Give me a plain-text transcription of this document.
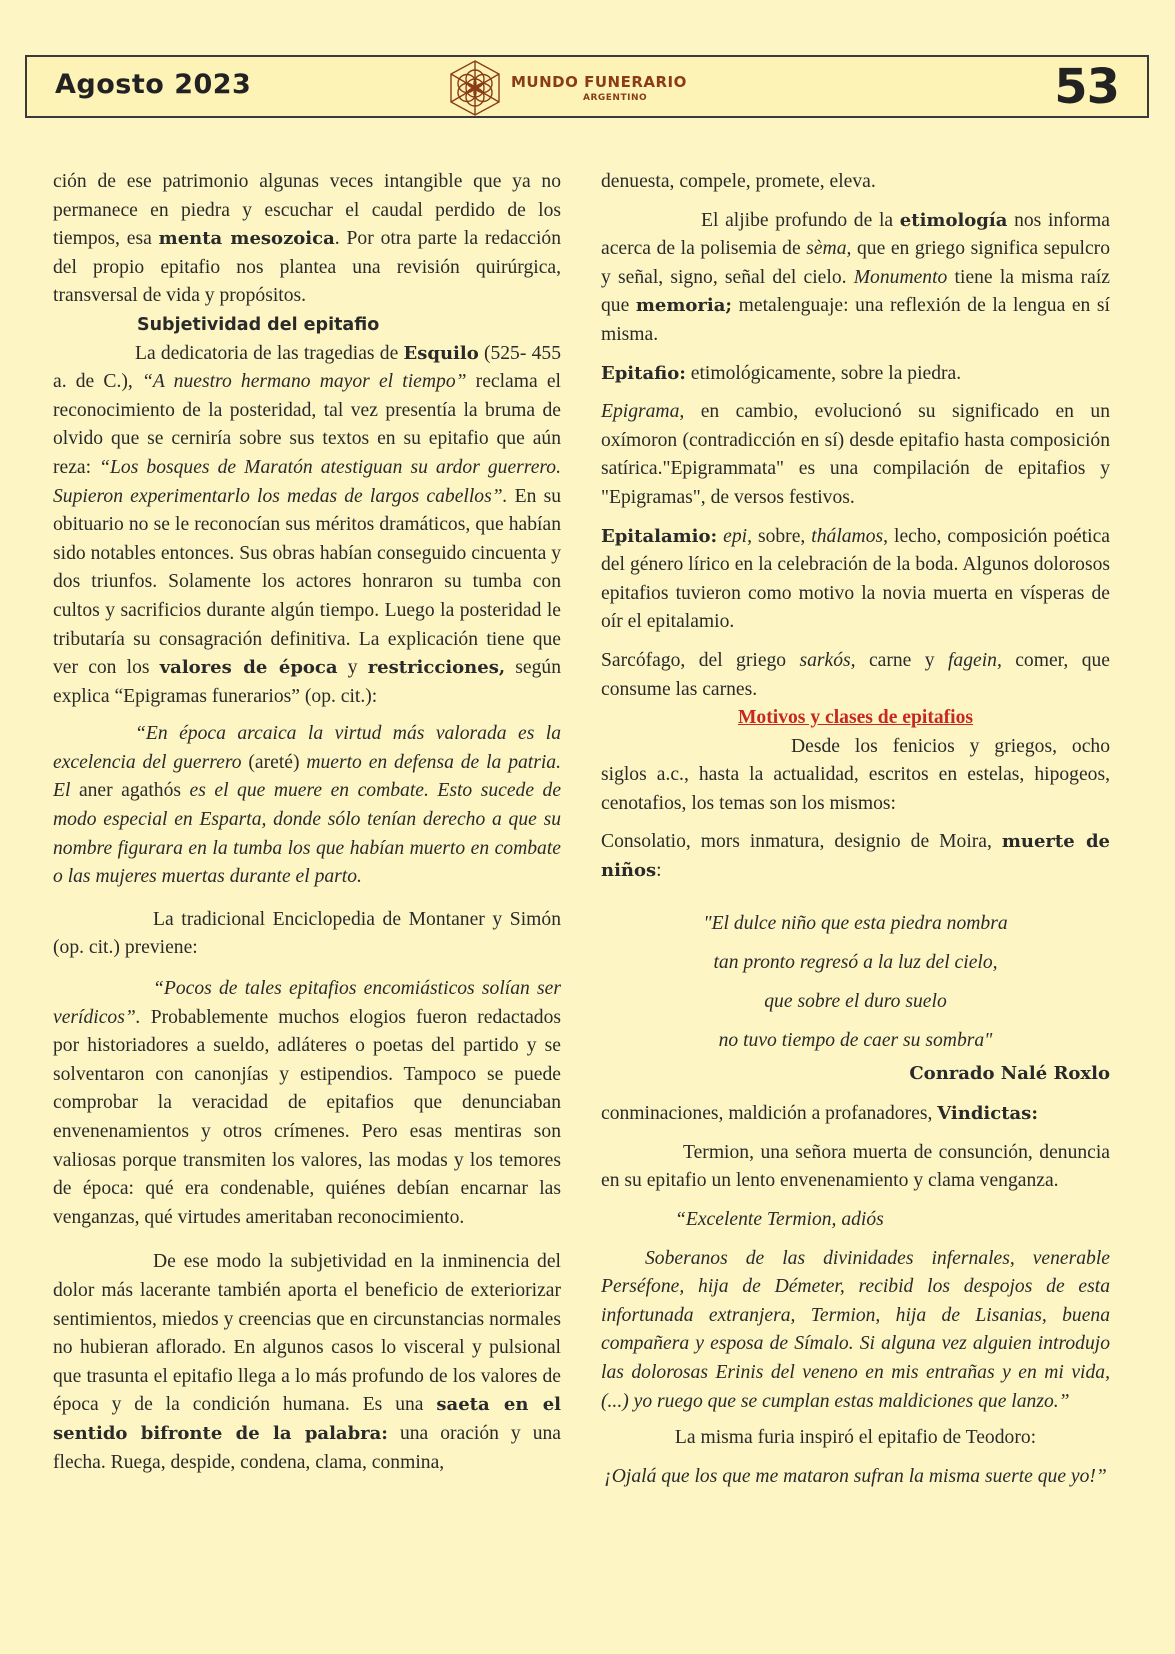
Agosto 2023	MUNDO FUNERARIO
ARGENTINO	53

ción de ese patrimonio algunas veces intangible que ya no permanece en piedra y escuchar el caudal perdido de los tiempos, esa menta mesozoica. Por otra parte la redacción del propio epitafio nos plantea una revisión quirúrgica, transversal de vida y propósitos.

Subjetividad del epitafio

La dedicatoria de las tragedias de Esquilo (525- 455 a. de C.), “A nuestro hermano mayor el tiempo” reclama el reconocimiento de la posteridad, tal vez presentía la bruma de olvido que se cerniría sobre sus textos en su epitafio que aún reza: “Los bosques de Maratón atestiguan su ardor guerrero. Supieron experimentarlo los medas de largos cabellos”. En su obituario no se le reconocían sus méritos dramáticos, que habían sido notables entonces. Sus obras habían conseguido cincuenta y dos triunfos. Solamente los actores honraron su tumba con cultos y sacrificios durante algún tiempo. Luego la posteridad le tributaría su consagración definitiva. La explicación tiene que ver con los valores de época y restricciones, según explica “Epigramas funerarios” (op. cit.):

“En época arcaica la virtud más valorada es la excelencia del guerrero (areté) muerto en defensa de la patria. El aner agathós es el que muere en combate. Esto sucede de modo especial en Esparta, donde sólo tenían derecho a que su nombre figurara en la tumba los que habían muerto en combate o las mujeres muertas durante el parto.

La tradicional Enciclopedia de Montaner y Simón (op. cit.) previene:

“Pocos de tales epitafios encomiásticos solían ser verídicos”. Probablemente muchos elogios fueron redactados por historiadores a sueldo, adláteres o poetas del partido y se solventaron con canonjías y estipendios. Tampoco se puede comprobar la veracidad de epitafios que denunciaban envenenamientos y otros crímenes. Pero esas mentiras son valiosas porque transmiten los valores, las modas y los temores de época: qué era condenable, quiénes debían encarnar las venganzas, qué virtudes ameritaban reconocimiento.

De ese modo la subjetividad en la inminencia del dolor más lacerante también aporta el beneficio de exteriorizar sentimientos, miedos y creencias que en circunstancias normales no hubieran aflorado. En algunos casos lo visceral y pulsional que trasunta el epitafio llega a lo más profundo de los valores de época y de la condición humana. Es una saeta en el sentido bifronte de la palabra: una oración y una flecha. Ruega, despide, condena, clama, conmina,

denuesta, compele, promete, eleva.

El aljibe profundo de la etimología nos informa acerca de la polisemia de sèma, que en griego significa sepulcro y señal, signo, señal del cielo. Monumento tiene la misma raíz que memoria; metalenguaje: una reflexión de la lengua en sí misma.

Epitafio: etimológicamente, sobre la piedra.

Epigrama, en cambio, evolucionó su significado en un oxímoron (contradicción en sí) desde epitafio hasta composición satírica."Epigrammata" es una compilación de epitafios y "Epigramas", de versos festivos.

Epitalamio: epi, sobre, thálamos, lecho, composición poética del género lírico en la celebración de la boda. Algunos dolorosos epitafios tuvieron como motivo la novia muerta en vísperas de oír el epitalamio.

Sarcófago, del griego sarkós, carne y fagein, comer, que consume las carnes.

Motivos y clases de epitafios

Desde los fenicios y griegos, ocho siglos a.c., hasta la actualidad, escritos en estelas, hipogeos, cenotafios, los temas son los mismos:

Consolatio, mors inmatura, designio de Moira, muerte de niños:

"El dulce niño que esta piedra nombra
tan pronto regresó a la luz del cielo,
que sobre el duro suelo
no tuvo tiempo de caer su sombra"

Conrado Nalé Roxlo

conminaciones, maldición a profanadores, Vindictas:

Termion, una señora muerta de consunción, denuncia en su epitafio un lento envenenamiento y clama venganza.

“Excelente Termion, adiós

Soberanos de las divinidades infernales, venerable Perséfone, hija de Démeter, recibid los despojos de esta infortunada extranjera, Termion, hija de Lisanias, buena compañera y esposa de Símalo. Si alguna vez alguien introdujo las dolorosas Erinis del veneno en mis entrañas y en mi vida, (...) yo ruego que se cumplan estas maldiciones que lanzo.”

La misma furia inspiró el epitafio de Teodoro:

¡Ojalá que los que me mataron sufran la misma suerte que yo!”
